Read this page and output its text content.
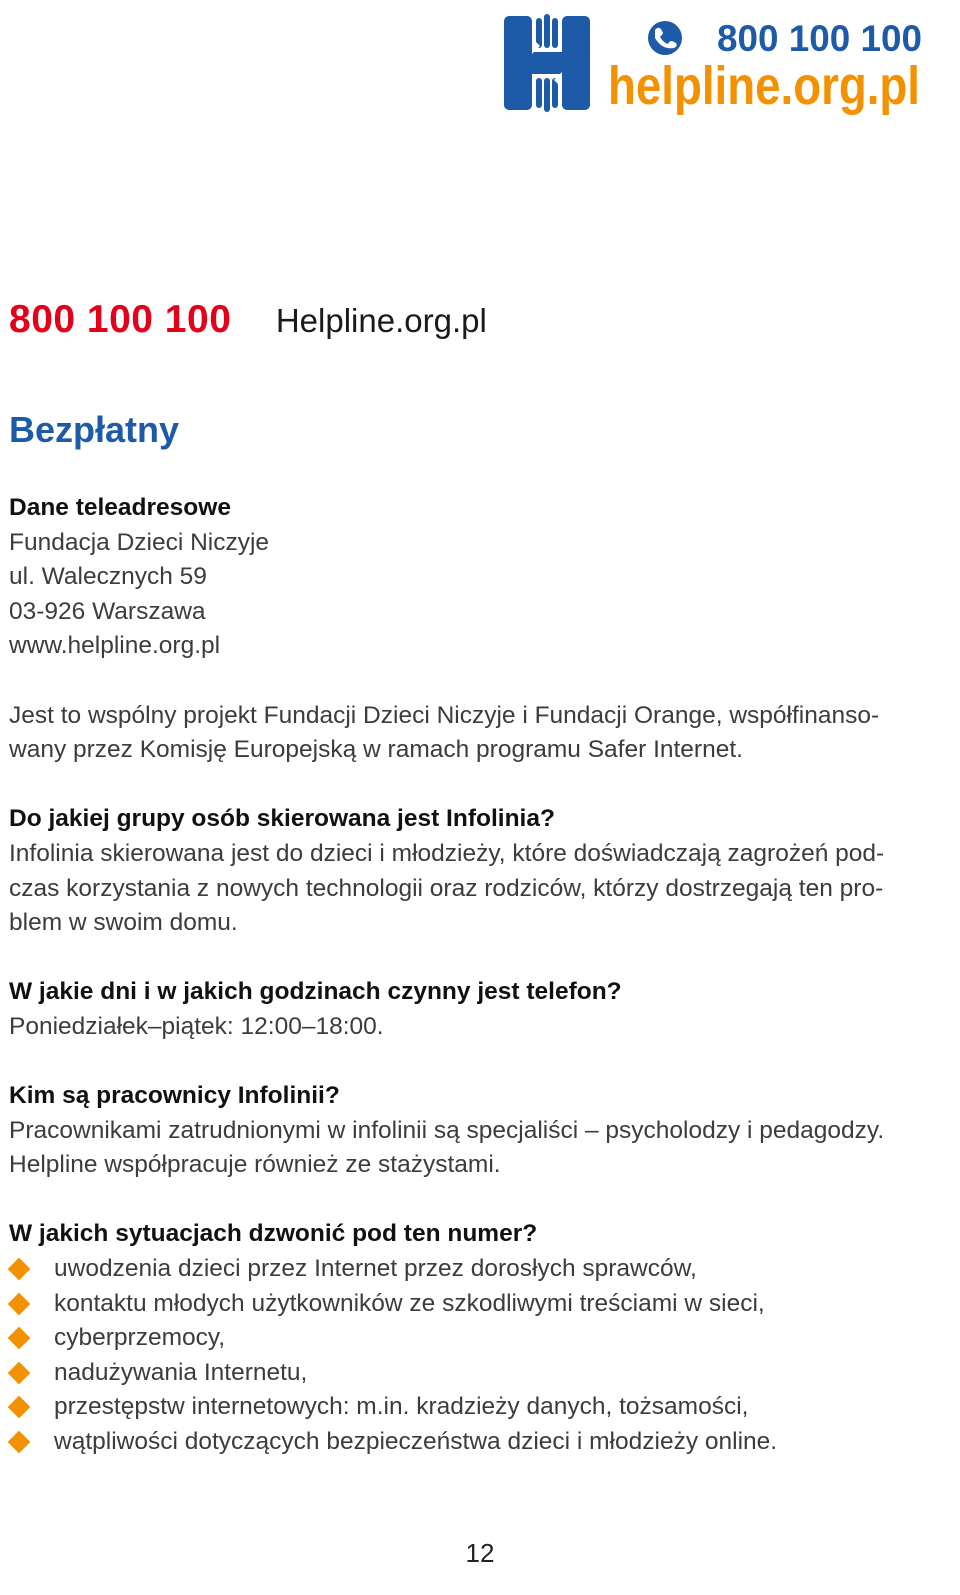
800 100 100
helpline.org.pl
800 100 100 Helpline.org.pl
Bezpłatny

Dane teleadresowe

Fundacja Dzieci Niczyje

ul. Walecznych 59

03-926 Warszawa

www.helpline.org.pl

Jest to wspólny projekt Fundacji Dzieci Niczyje i Fundacji Orange, współfinanso-

wany przez Komisję Europejską w ramach programu Safer Internet.

Do jakiej grupy osób skierowana jest Infolinia?

Infolinia skierowana jest do dzieci i młodzieży, które doświadczają zagrożeń pod-

czas korzystania z nowych technologii oraz rodziców, którzy dostrzegają ten pro-

blem w swoim domu.

W jakie dni i w jakich godzinach czynny jest telefon?

Poniedziałek–piątek: 12:00–18:00.

Kim są pracownicy Infolinii?

Pracownikami zatrudnionymi w infolinii są specjaliści – psycholodzy i pedagodzy.

Helpline współpracuje również ze stażystami.

W jakich sytuacjach dzwonić pod ten numer?

uwodzenia dzieci przez Internet przez dorosłych sprawców,
kontaktu młodych użytkowników ze szkodliwymi treściami w sieci,
cyberprzemocy,
nadużywania Internetu,
przestępstw internetowych: m.in. kradzieży danych, tożsamości,
wątpliwości dotyczących bezpieczeństwa dzieci i młodzieży online.
12
